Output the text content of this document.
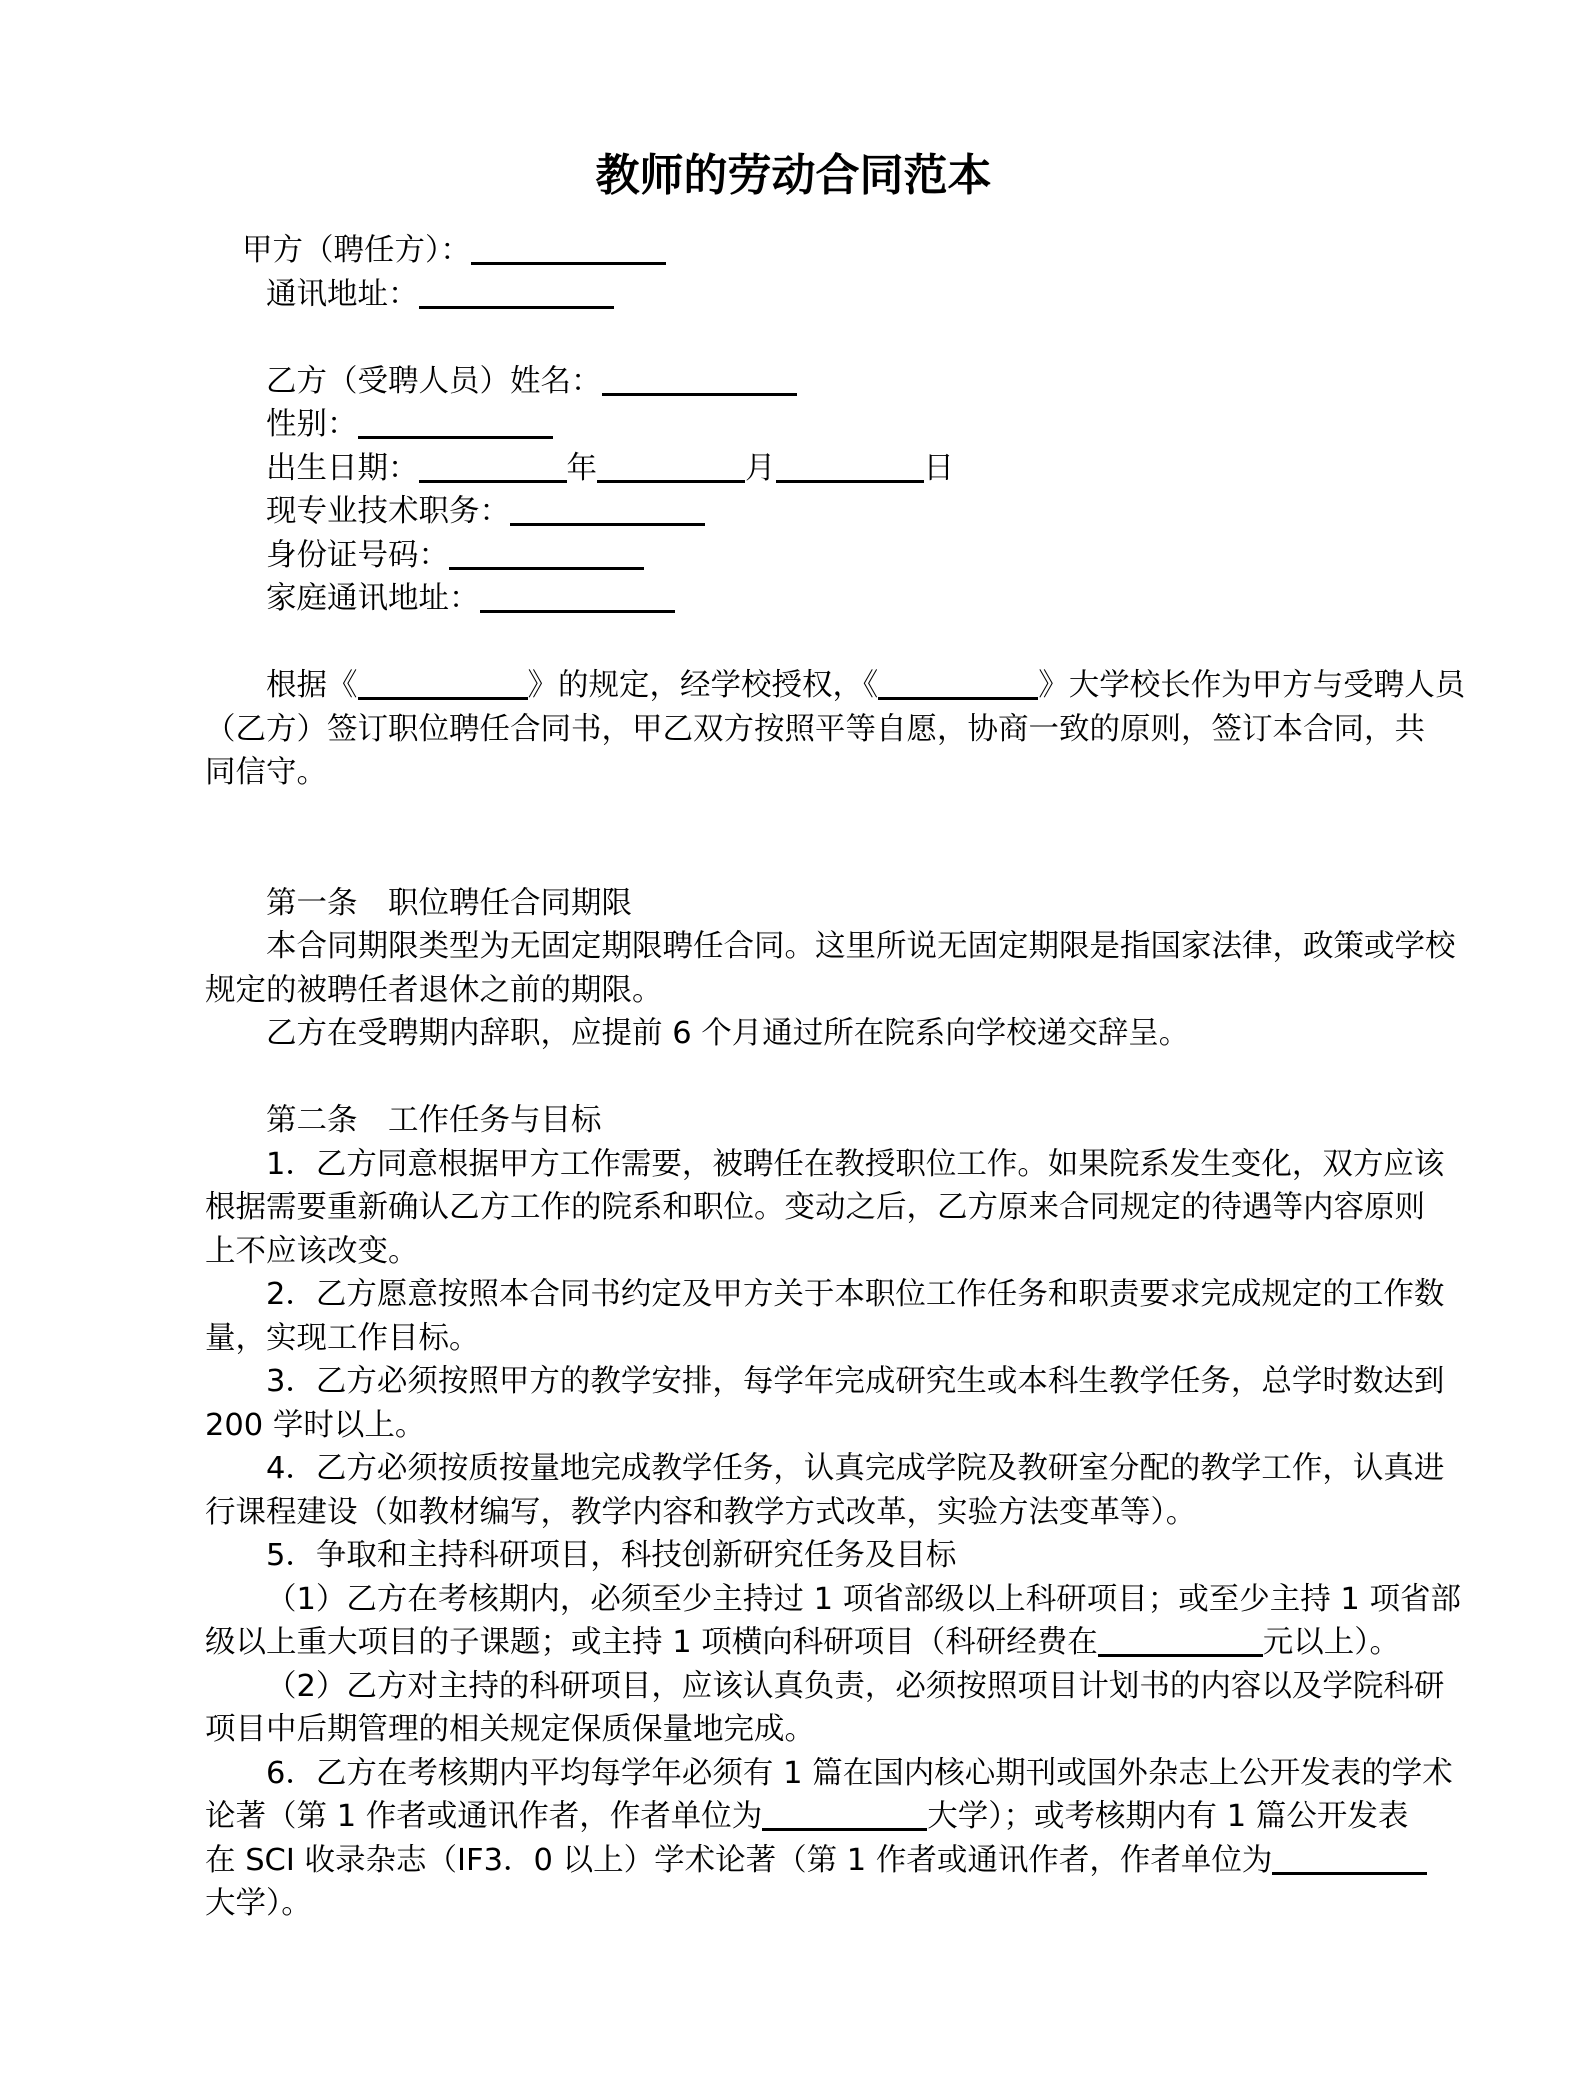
教师的劳动合同范本
甲方（聘任方）：
通讯地址：
乙方（受聘人员）姓名：
性别：
出生日期：	年	月	日
现专业技术职务：
身份证号码：
家庭通讯地址：
根据《	》的规定，经学校授权，《	》大学校长作为甲方与受聘人员
（乙方）签订职位聘任合同书，甲乙双方按照平等自愿，协商一致的原则，签订本合同，共
同信守。
第一条　职位聘任合同期限
本合同期限类型为无固定期限聘任合同。这里所说无固定期限是指国家法律，政策或学校
规定的被聘任者退休之前的期限。
乙方在受聘期内辞职，应提前 6 个月通过所在院系向学校递交辞呈。
第二条　工作任务与目标
1．乙方同意根据甲方工作需要，被聘任在教授职位工作。如果院系发生变化，双方应该
根据需要重新确认乙方工作的院系和职位。变动之后，乙方原来合同规定的待遇等内容原则
上不应该改变。
2．乙方愿意按照本合同书约定及甲方关于本职位工作任务和职责要求完成规定的工作数
量，实现工作目标。
3．乙方必须按照甲方的教学安排，每学年完成研究生或本科生教学任务，总学时数达到
200 学时以上。
4．乙方必须按质按量地完成教学任务，认真完成学院及教研室分配的教学工作，认真进
行课程建设（如教材编写，教学内容和教学方式改革，实验方法变革等）。
5．争取和主持科研项目，科技创新研究任务及目标
（1）乙方在考核期内，必须至少主持过 1 项省部级以上科研项目；或至少主持 1 项省部
级以上重大项目的子课题；或主持 1 项横向科研项目（科研经费在	元以上）。
（2）乙方对主持的科研项目，应该认真负责，必须按照项目计划书的内容以及学院科研
项目中后期管理的相关规定保质保量地完成。
6．乙方在考核期内平均每学年必须有 1 篇在国内核心期刊或国外杂志上公开发表的学术
论著（第 1 作者或通讯作者，作者单位为	大学）；或考核期内有 1 篇公开发表
在 SCI 收录杂志（IF3．0 以上）学术论著（第 1 作者或通讯作者，作者单位为
大学）。
